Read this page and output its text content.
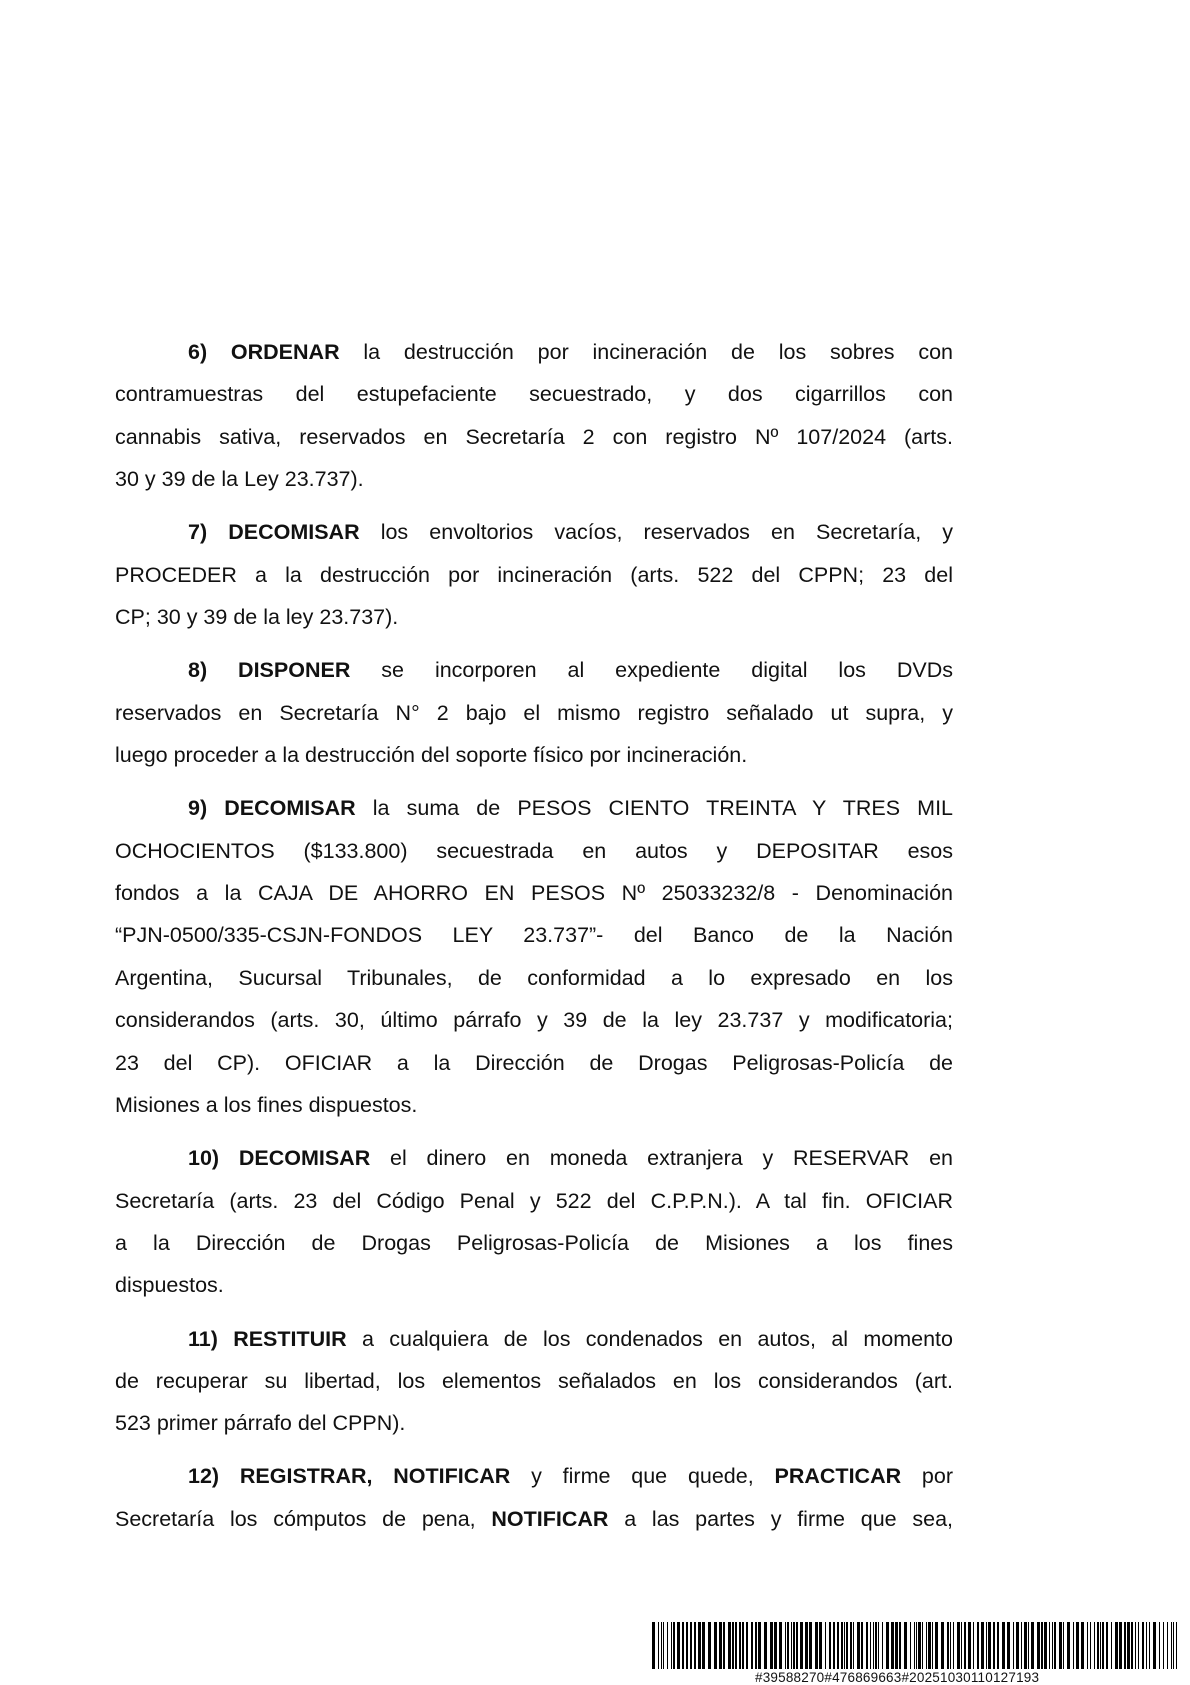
6) ORDENAR la destrucción por incineración de los sobres con
contramuestras del estupefaciente secuestrado, y dos cigarrillos con
cannabis sativa, reservados en Secretaría 2 con registro Nº 107/2024 (arts.
30 y 39 de la Ley 23.737).
7) DECOMISAR los envoltorios vacíos, reservados en Secretaría, y
PROCEDER a la destrucción por incineración (arts. 522 del CPPN; 23 del
CP; 30 y 39 de la ley 23.737).
8) DISPONER se incorporen al expediente digital los DVDs
reservados en Secretaría N° 2 bajo el mismo registro señalado ut supra, y
luego proceder a la destrucción del soporte físico por incineración.
9) DECOMISAR la suma de PESOS CIENTO TREINTA Y TRES MIL
OCHOCIENTOS ($133.800) secuestrada en autos y DEPOSITAR esos
fondos a la CAJA DE AHORRO EN PESOS Nº 25033232/8 - Denominación
“PJN-0500/335-CSJN-FONDOS LEY 23.737”- del Banco de la Nación
Argentina, Sucursal Tribunales, de conformidad a lo expresado en los
considerandos (arts. 30, último párrafo y 39 de la ley 23.737 y modificatoria;
23 del CP). OFICIAR a la Dirección de Drogas Peligrosas-Policía de
Misiones a los fines dispuestos.
10) DECOMISAR el dinero en moneda extranjera y RESERVAR en
Secretaría (arts. 23 del Código Penal y 522 del C.P.P.N.). A tal fin. OFICIAR
a la Dirección de Drogas Peligrosas-Policía de Misiones a los fines
dispuestos.
11) RESTITUIR a cualquiera de los condenados en autos, al momento
de recuperar su libertad, los elementos señalados en los considerandos (art.
523 primer párrafo del CPPN).
12) REGISTRAR, NOTIFICAR y firme que quede, PRACTICAR por
Secretaría los cómputos de pena, NOTIFICAR a las partes y firme que sea,
#39588270#476869663#20251030110127193
